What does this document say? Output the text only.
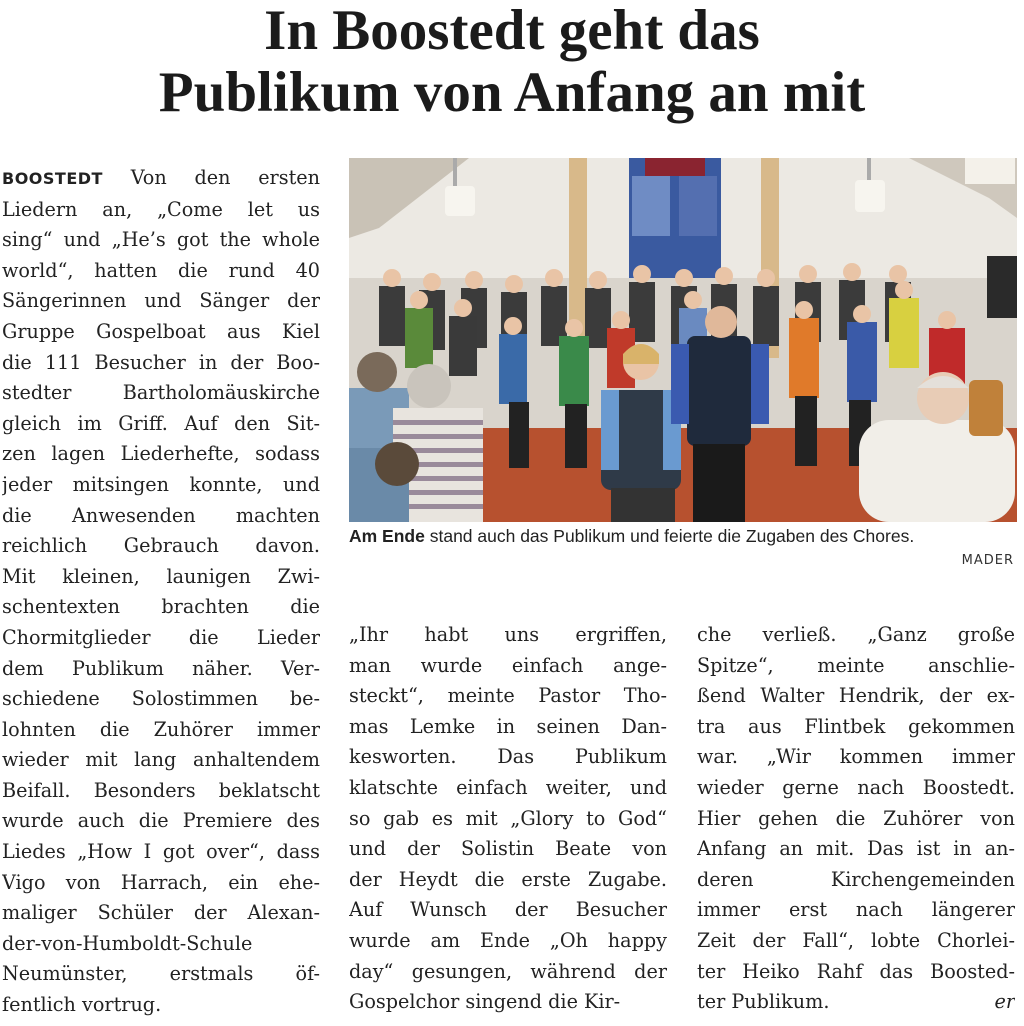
In Boostedt geht das
Publikum von Anfang an mit
BOOSTEDT Von den ersten
Liedern an, „Come let us
sing“ und „He’s got the whole
world“, hatten die rund 40
Sängerinnen und Sänger der
Gruppe Gospelboat aus Kiel
die 111 Besucher in der Boo-
stedter Bartholomäuskirche
gleich im Griff. Auf den Sit-
zen lagen Liederhefte, sodass
jeder mitsingen konnte, und
die Anwesenden machten
reichlich Gebrauch davon.
Mit kleinen, launigen Zwi-
schentexten brachten die
Chormitglieder die Lieder
dem Publikum näher. Ver-
schiedene Solostimmen be-
lohnten die Zuhörer immer
wieder mit lang anhaltendem
Beifall. Besonders beklatscht
wurde auch die Premiere des
Liedes „How I got over“, dass
Vigo von Harrach, ein ehe-
maliger Schüler der Alexan-
der-von-Humboldt-Schule
Neumünster, erstmals öf-
fentlich vortrug.
Am Ende stand auch das Publikum und feierte die Zugaben des Chores.
MADER
„Ihr habt uns ergriffen,
man wurde einfach ange-
steckt“, meinte Pastor Tho-
mas Lemke in seinen Dan-
kesworten. Das Publikum
klatschte einfach weiter, und
so gab es mit „Glory to God“
und der Solistin Beate von
der Heydt die erste Zugabe.
Auf Wunsch der Besucher
wurde am Ende „Oh happy
day“ gesungen, während der
Gospelchor singend die Kir-
che verließ. „Ganz große
Spitze“, meinte anschlie-
ßend Walter Hendrik, der ex-
tra aus Flintbek gekommen
war. „Wir kommen immer
wieder gerne nach Boostedt.
Hier gehen die Zuhörer von
Anfang an mit. Das ist in an-
deren Kirchengemeinden
immer erst nach längerer
Zeit der Fall“, lobte Chorlei-
ter Heiko Rahf das Boosted-
ter Publikum.	er
